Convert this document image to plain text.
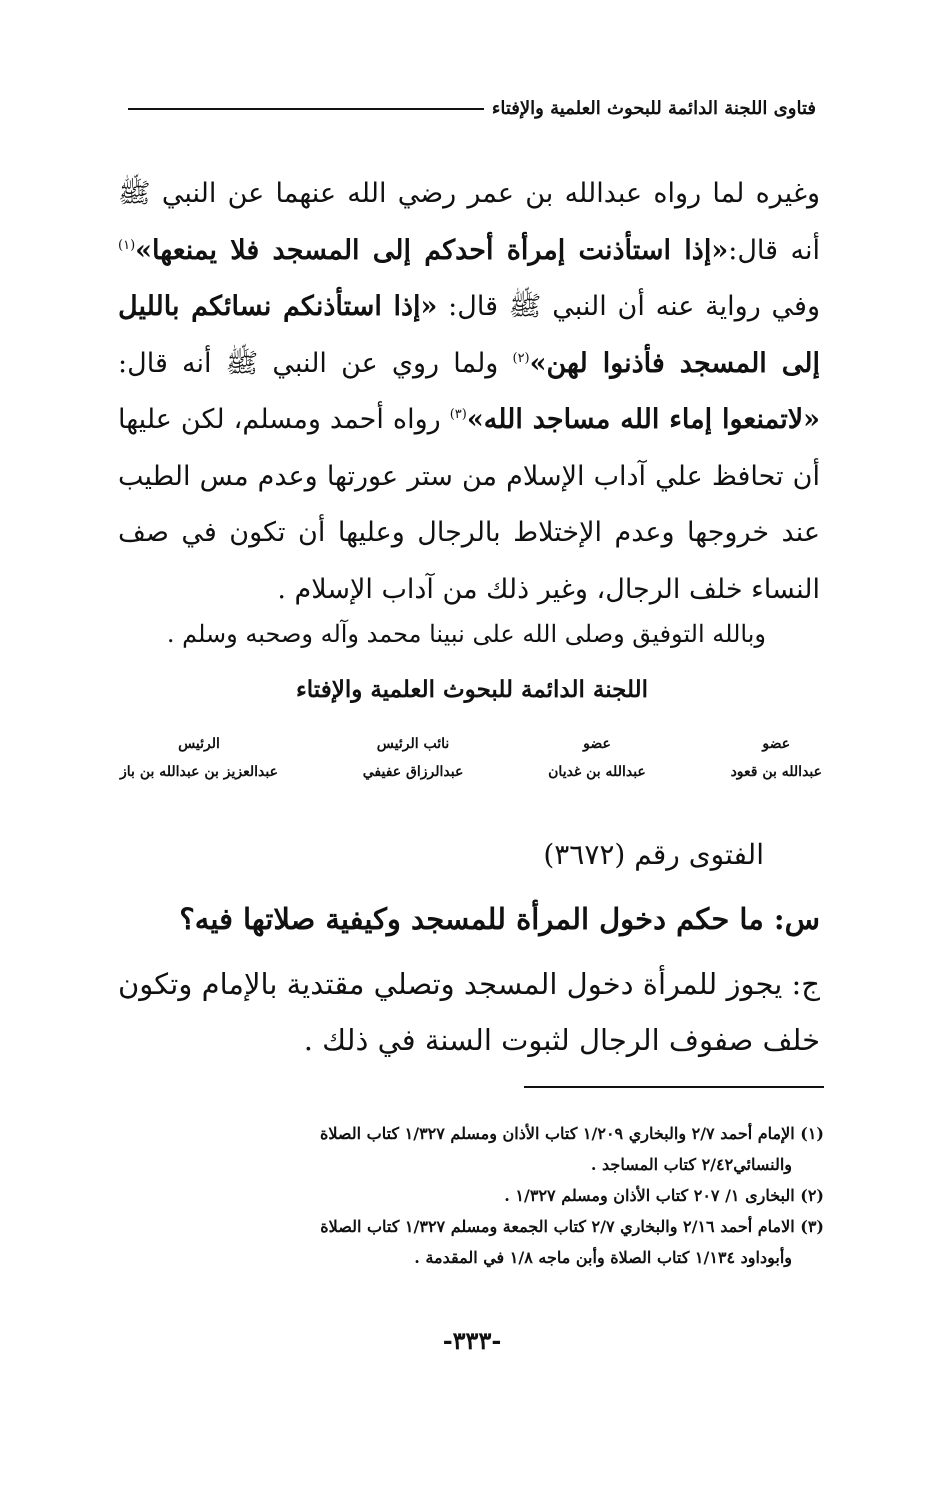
فتاوى اللجنة الدائمة للبحوث العلمية والإفتاء

وغيره لما رواه عبدالله بن عمر رضي الله عنهما عن النبي ﷺ أنه قال:«إذا استأذنت إمرأة أحدكم إلى المسجد فلا يمنعها»$^{(١)}$ وفي رواية عنه أن النبي ﷺ قال: «إذا استأذنكم نسائكم بالليل إلى المسجد فأذنوا لهن»$^{(٢)}$ ولما روي عن النبي ﷺ أنه قال: «لاتمنعوا إماء الله مساجد الله»$^{(٣)}$ رواه أحمد ومسلم، لكن عليها أن تحافظ علي آداب الإسلام من ستر عورتها وعدم مس الطيب عند خروجها وعدم الإختلاط بالرجال وعليها أن تكون في صف النساء خلف الرجال، وغير ذلك من آداب الإسلام .

وبالله التوفيق وصلى الله على نبينا محمد وآله وصحبه وسلم .
اللجنة الدائمة للبحوث العلمية والإفتاء
عضو
عبدالله بن قعود
عضو
عبدالله بن غديان
نائب الرئيس
عبدالرزاق عفيفي
الرئيس
عبدالعزيز بن عبدالله بن باز
الفتوى رقم (٣٦٧٢)
س: ما حكم دخول المرأة للمسجد وكيفية صلاتها فيه؟

ج: يجوز للمرأة دخول المسجد وتصلي مقتدية بالإمام وتكون خلف صفوف الرجال لثبوت السنة في ذلك .

(١) الإمام أحمد ٢/٧ والبخاري ١/٢٠٩ كتاب الأذان ومسلم ١/٣٢٧ كتاب الصلاة

والنسائي٢/٤٢ كتاب المساجد .

(٢) البخارى ١/ ٢٠٧ كتاب الأذان ومسلم ١/٣٢٧ .

(٣) الامام أحمد ٢/١٦ والبخاري ٢/٧ كتاب الجمعة ومسلم ١/٣٢٧ كتاب الصلاة

وأبوداود ١/١٣٤ كتاب الصلاة وأبن ماجه ١/٨ في المقدمة .

-٣٣٣-
